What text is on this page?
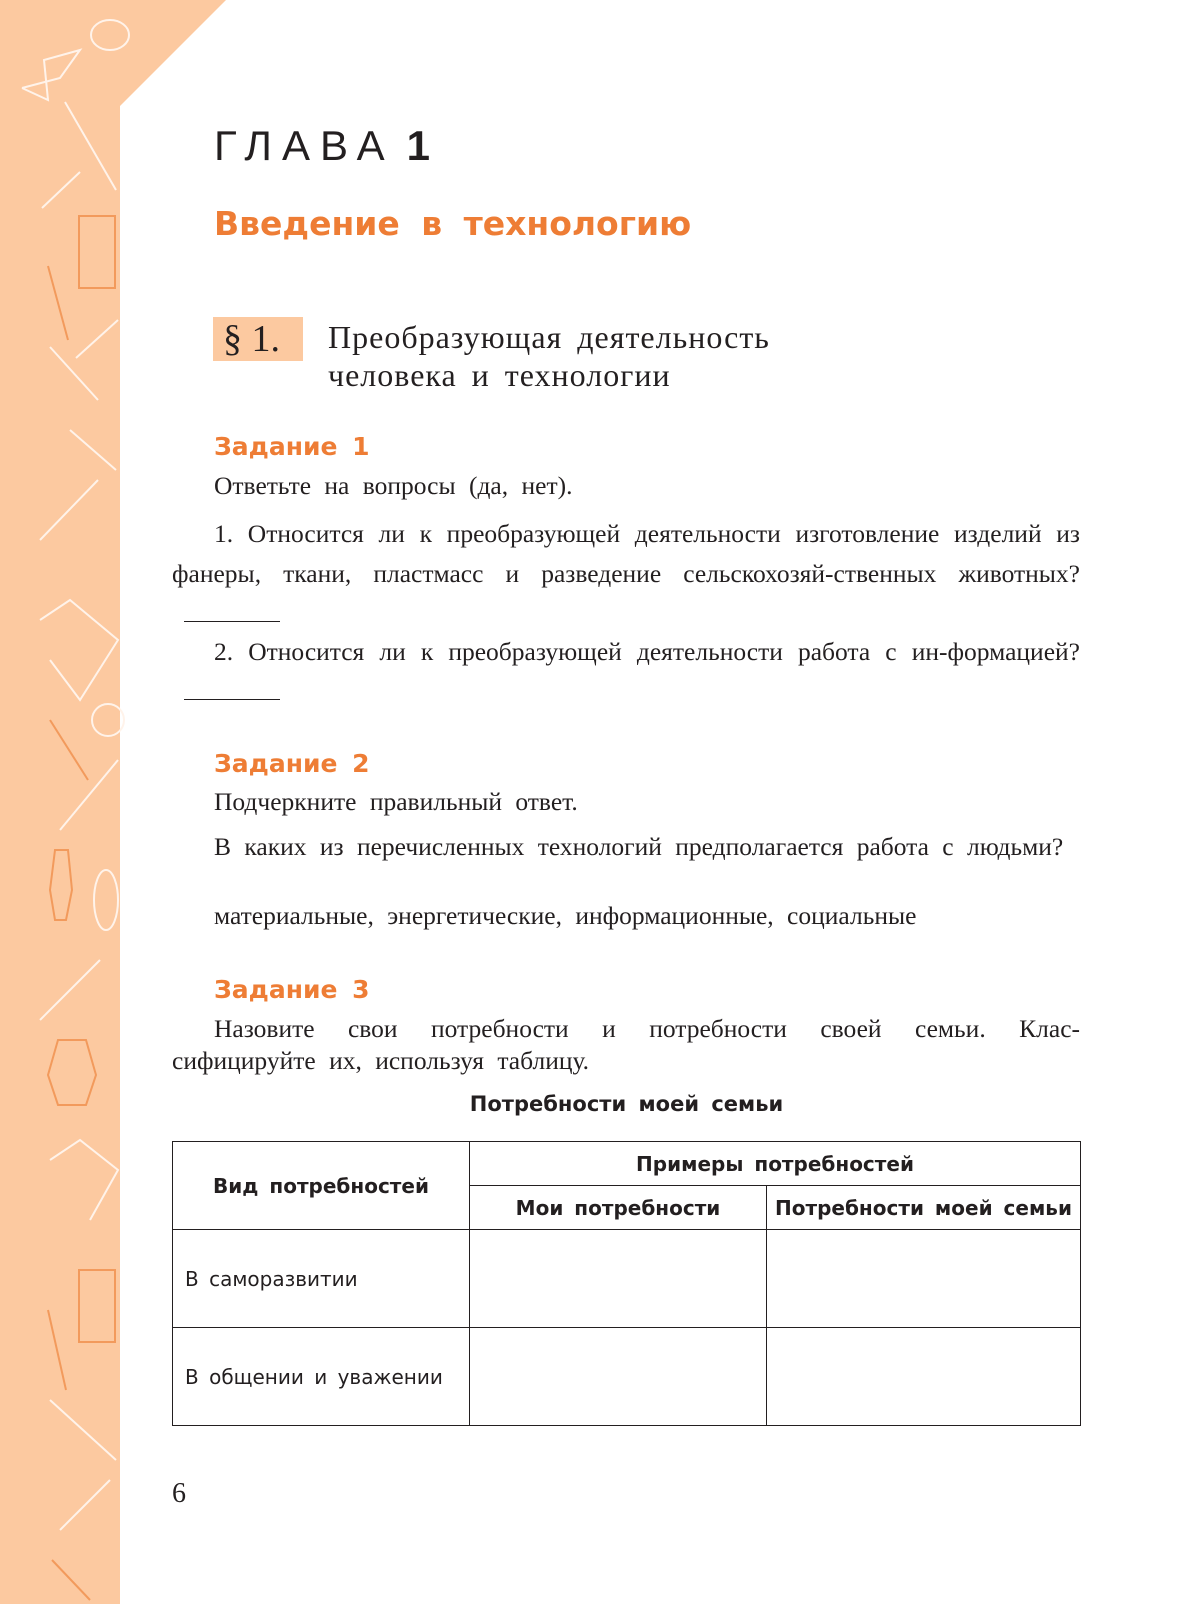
ГЛАВА 1
Введение в технологию
§ 1.	Преобразующая деятельность
человека и технологии
Задание 1
Ответьте на вопросы (да, нет).
1. Относится ли к преобразующей деятельности изготовление изделий из фанеры, ткани, пластмасс и разведение сельскохозяй-ственных животных?
2. Относится ли к преобразующей деятельности работа с ин-формацией?
Задание 2
Подчеркните правильный ответ.
В каких из перечисленных технологий предполагается работа с людьми?
материальные, энергетические, информационные, социальные
Задание 3
Назовите свои потребности и потребности своей семьи. Клас-сифицируйте их, используя таблицу.
Потребности моей семьи
Вид потребностей	Примеры потребностей	
	Мои потребности	Потребности моей семьи
В саморазвитии		
В общении и уважении		
6
